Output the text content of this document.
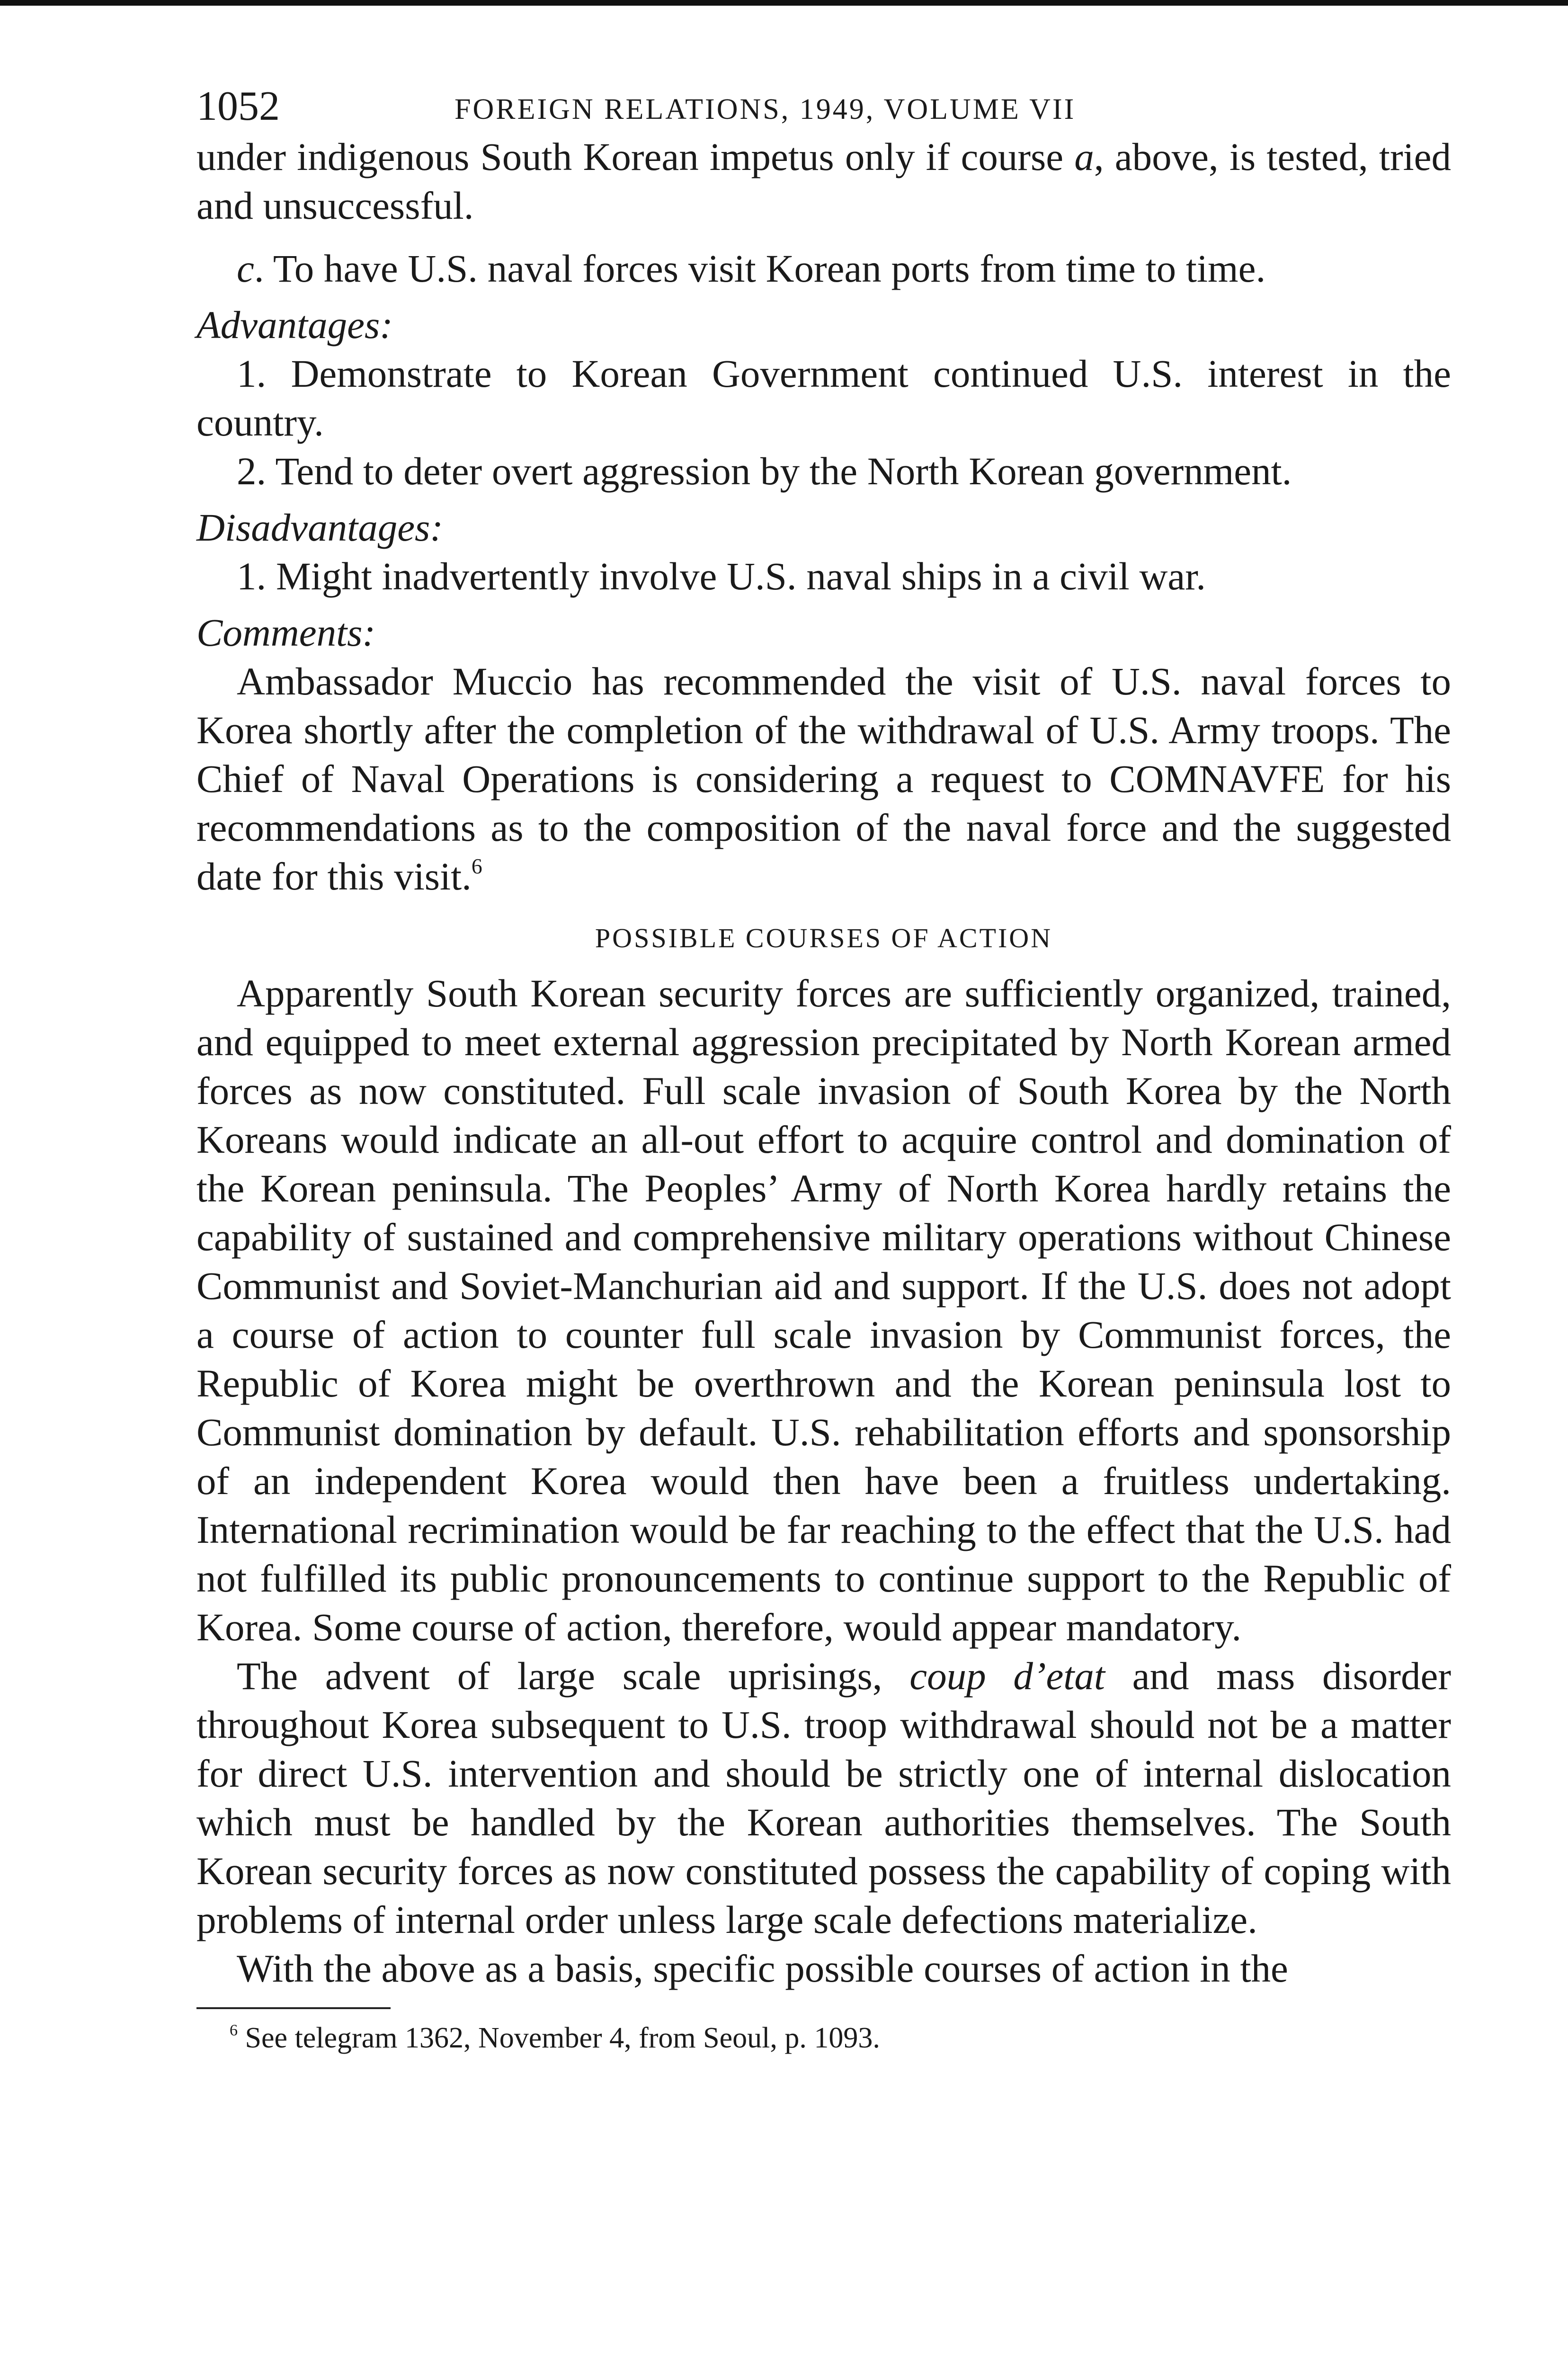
1052	FOREIGN RELATIONS, 1949, VOLUME VII

under indigenous South Korean impetus only if course a, above, is tested, tried and unsuccessful.

c. To have U.S. naval forces visit Korean ports from time to time.

Advantages:

1. Demonstrate to Korean Government continued U.S. interest in the country.

2. Tend to deter overt aggression by the North Korean government.

Disadvantages:

1. Might inadvertently involve U.S. naval ships in a civil war.

Comments:

Ambassador Muccio has recommended the visit of U.S. naval forces to Korea shortly after the completion of the withdrawal of U.S. Army troops. The Chief of Naval Operations is considering a request to COMNAVFE for his recommendations as to the composition of the naval force and the suggested date for this visit.$^6$

POSSIBLE COURSES OF ACTION

Apparently South Korean security forces are sufficiently organized, trained, and equipped to meet external aggression precipitated by North Korean armed forces as now constituted. Full scale invasion of South Korea by the North Koreans would indicate an all-out effort to acquire control and domination of the Korean peninsula. The Peoples’ Army of North Korea hardly retains the capability of sustained and comprehensive military operations without Chinese Communist and Soviet-Manchurian aid and support. If the U.S. does not adopt a course of action to counter full scale invasion by Communist forces, the Republic of Korea might be overthrown and the Korean peninsula lost to Communist domination by default. U.S. rehabilitation efforts and sponsorship of an independent Korea would then have been a fruitless undertaking. International recrimination would be far reaching to the effect that the U.S. had not fulfilled its public pronouncements to continue support to the Republic of Korea. Some course of action, therefore, would appear mandatory.

The advent of large scale uprisings, coup d’etat and mass disorder throughout Korea subsequent to U.S. troop withdrawal should not be a matter for direct U.S. intervention and should be strictly one of internal dislocation which must be handled by the Korean authorities themselves. The South Korean security forces as now constituted possess the capability of coping with problems of internal order unless large scale defections materialize.

With the above as a basis, specific possible courses of action in the

$^6$ See telegram 1362, November 4, from Seoul, p. 1093.
